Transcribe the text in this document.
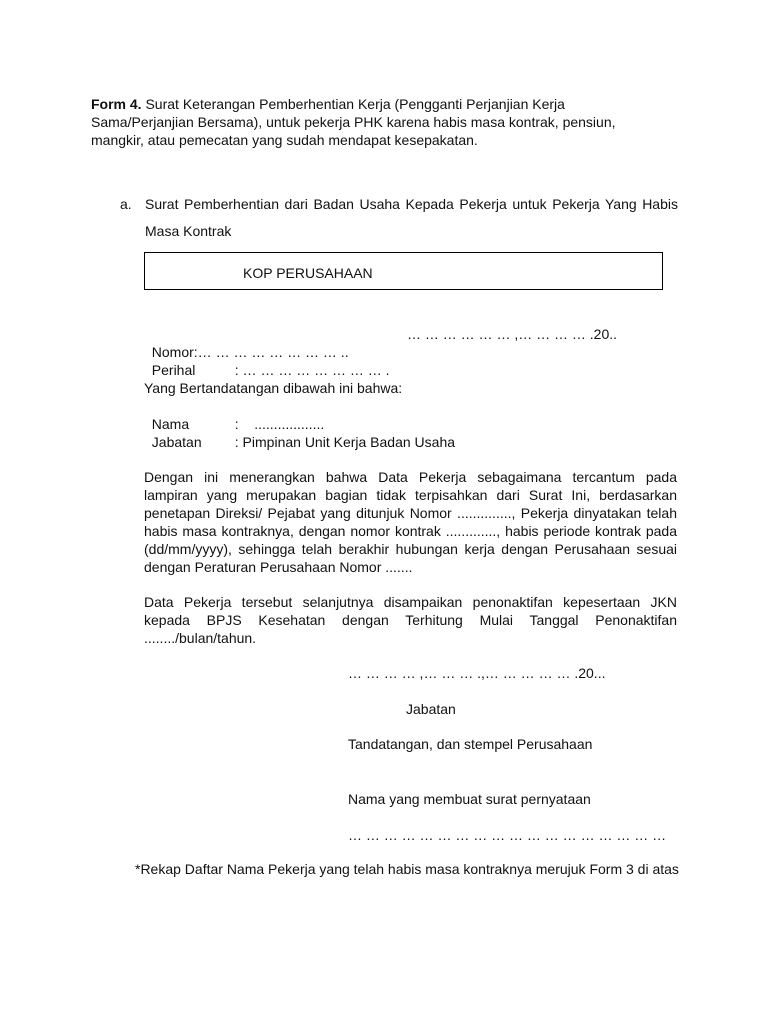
Form 4. Surat Keterangan Pemberhentian Kerja (Pengganti Perjanjian Kerja Sama/Perjanjian Bersama), untuk pekerja PHK karena habis masa kontrak, pensiun, mangkir, atau pemecatan yang sudah mendapat kesepakatan.
a. Surat Pemberhentian dari Badan Usaha Kepada Pekerja untuk Pekerja Yang Habis Masa Kontrak
KOP PERUSAHAAN

Nomor:… … … … … … … … ..

… … … … … … ,… … … … .20..

Perihal	: … … … … … … … … .

Yang Bertandatangan dibawah ini bahwa:

Nama	:    ..................

Jabatan : Pimpinan Unit Kerja Badan Usaha

Dengan ini menerangkan bahwa Data Pekerja sebagaimana tercantum pada lampiran yang merupakan bagian tidak terpisahkan dari Surat Ini, berdasarkan penetapan Direksi/ Pejabat yang ditunjuk Nomor .............., Pekerja dinyatakan telah habis masa kontraknya, dengan nomor kontrak ............., habis periode kontrak pada (dd/mm/yyyy), sehingga telah berakhir hubungan kerja dengan Perusahaan sesuai dengan Peraturan Perusahaan Nomor .......
Data Pekerja tersebut selanjutnya disampaikan penonaktifan kepesertaan JKN kepada BPJS Kesehatan dengan Terhitung Mulai Tanggal Penonaktifan ......../bulan/tahun.
… … … … ,… … … .,… … … … … .20...
Jabatan
Tandatangan, dan stempel Perusahaan
Nama yang membuat surat pernyataan
… … … … … … … … … … … … … … … … … …
*Rekap Daftar Nama Pekerja yang telah habis masa kontraknya merujuk Form 3 di atas
